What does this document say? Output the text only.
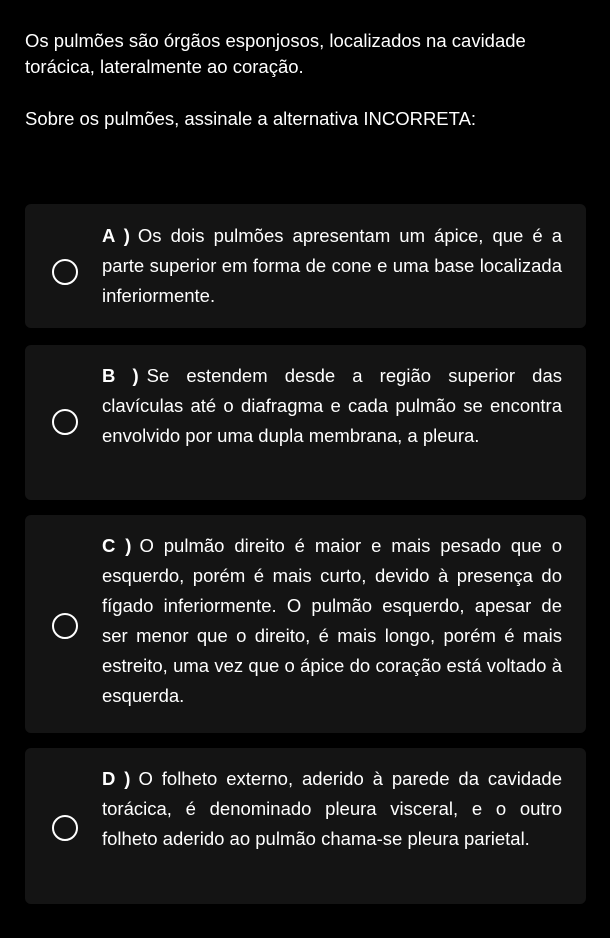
Os pulmões são órgãos esponjosos, localizados na cavidade torácica, lateralmente ao coração.

Sobre os pulmões, assinale a alternativa INCORRETA:

A ) Os dois pulmões apresentam um ápice, que é a parte superior em forma de cone e uma base localizada inferiormente.
B ) Se estendem desde a região superior das clavículas até o diafragma e cada pulmão se encontra envolvido por uma dupla membrana, a pleura.
C ) O pulmão direito é maior e mais pesado que o esquerdo, porém é mais curto, devido à presença do fígado inferiormente. O pulmão esquerdo, apesar de ser menor que o direito, é mais longo, porém é mais estreito, uma vez que o ápice do coração está voltado à esquerda.
D ) O folheto externo, aderido à parede da cavidade torácica, é denominado pleura visceral, e o outro folheto aderido ao pulmão chama-se pleura parietal.
